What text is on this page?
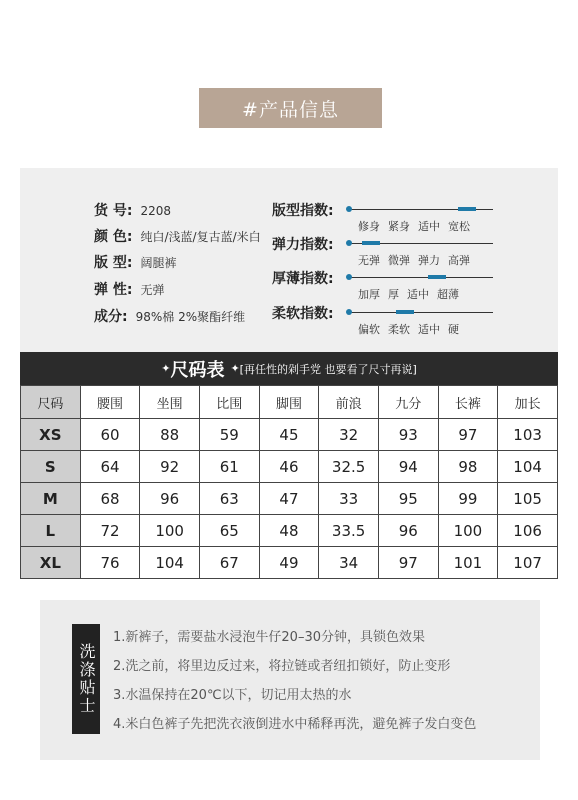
#产品信息
货 号: 2208
颜 色: 纯白/浅蓝/复古蓝/米白
版 型: 阔腿裤
弹 性: 无弹
成分: 98%棉 2%聚酯纤维
版型指数:
修身 紧身 适中 宽松
弹力指数:
无弹 微弹 弹力 高弹
厚薄指数:
加厚 厚 适中 超薄
柔软指数:
偏软 柔软 适中 硬
✦ 尺码表 ✦ [再任性的剁手党 也要看了尺寸再说]
尺码	腰围	坐围	比围	脚围	前浪	九分	长裤	加长
XS	60	88	59	45	32	93	97	103
S	64	92	61	46	32.5	94	98	104
M	68	96	63	47	33	95	99	105
L	72	100	65	48	33.5	96	100	106
XL	76	104	67	49	34	97	101	107
洗涤贴士
1.新裤子，需要盐水浸泡牛仔20–30分钟，具锁色效果
2.洗之前，将里边反过来，将拉链或者纽扣锁好，防止变形
3.水温保持在20℃以下，切记用太热的水
4.米白色裤子先把洗衣液倒进水中稀释再洗，避免裤子发白变色
